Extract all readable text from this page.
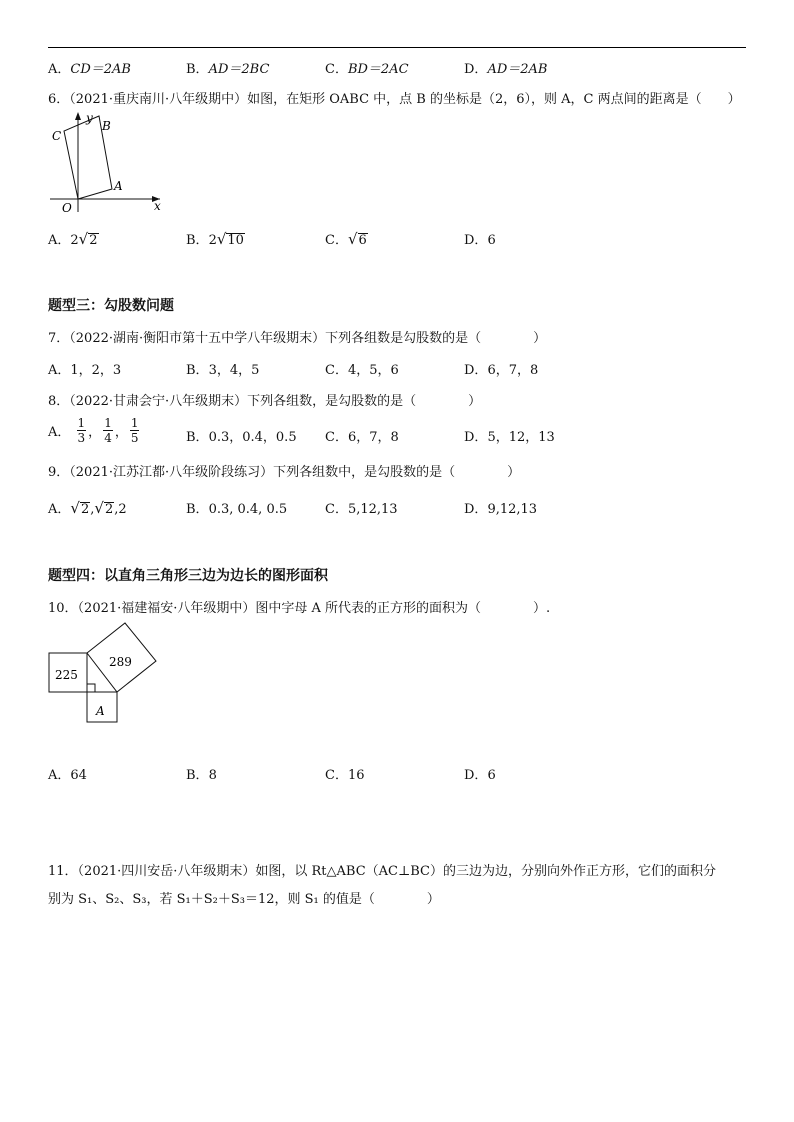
A．CD＝2AB	B．AD＝2BC	C．BD＝2AC	D．AD＝2AB
6．（2021·重庆南川·八年级期中）如图，在矩形 OABC 中，点 B 的坐标是（2，6），则 A，C 两点间的距离是（　　）
y
x
O
A
B
C
A．2√2	B．2√10	C．√6	D．6
题型三：勾股数问题
7．（2022·湖南·衡阳市第十五中学八年级期末）下列各组数是勾股数的是（　　　　）
A．1，2，3	B．3，4，5	C．4，5，6	D．6，7，8
8．（2022·甘肃会宁·八年级期末）下列各组数，是勾股数的是（　　　　）
A． $\frac{1}{3}$ ， $\frac{1}{4}$ ， $\frac{1}{5}$	B．0.3，0.4，0.5 C．6，7，8	D．5，12，13
9．（2021·江苏江都·八年级阶段练习）下列各组数中，是勾股数的是（　　　　）
A．√2,√2,2	B．0.3, 0.4, 0.5	C．5,12,13	D．9,12,13
题型四：以直角三角形三边为边长的图形面积
10．（2021·福建福安·八年级期中）图中字母 A 所代表的正方形的面积为（　　　　）.
225
289
A
A．64	B．8	C．16	D．6
11．（2021·四川安岳·八年级期末）如图，以 Rt△ABC（AC⊥BC）的三边为边，分别向外作正方形，它们的面积分
别为 S₁、S₂、S₃，若 S₁＋S₂＋S₃＝12，则 S₁ 的值是（　　　　）
